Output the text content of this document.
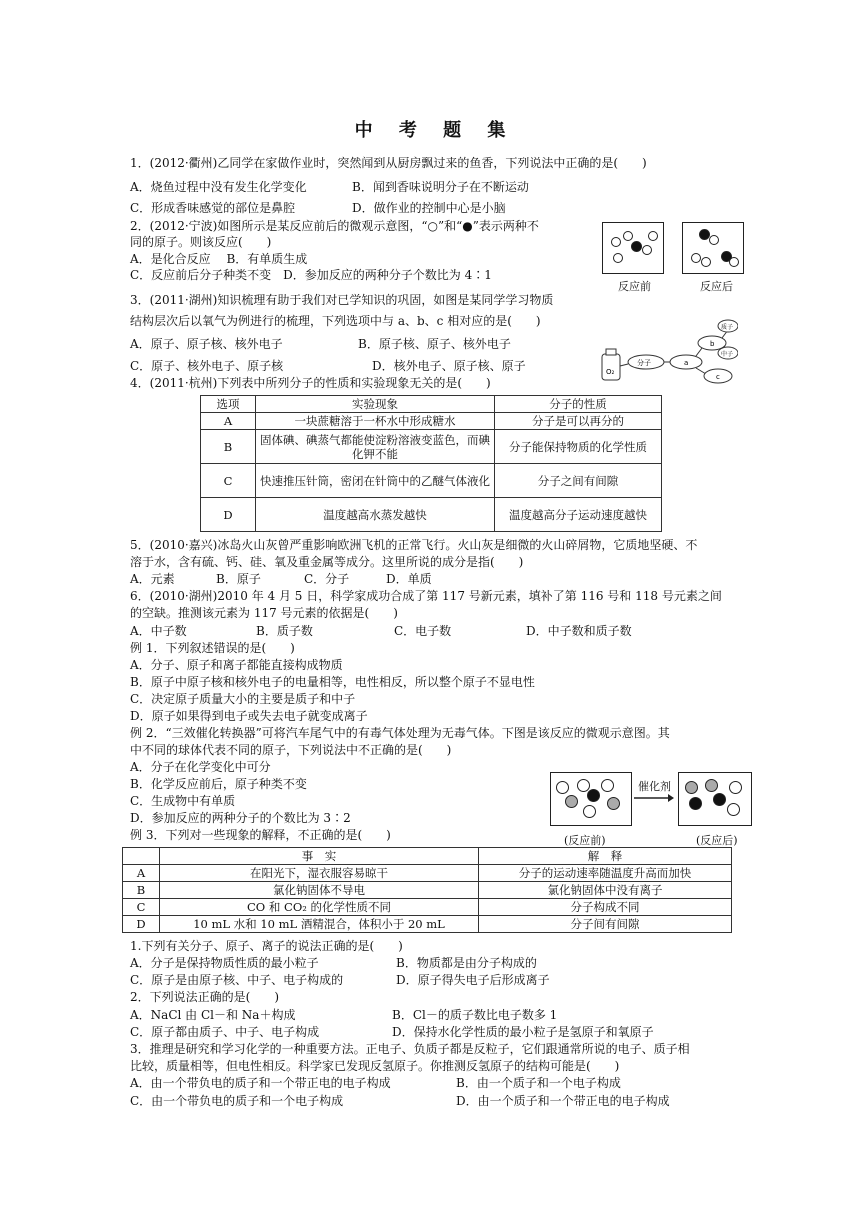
中 考 题 集
1．(2012·衢州)乙同学在家做作业时，突然闻到从厨房飘过来的鱼香，下列说法中正确的是(　　)
A．烧鱼过程中没有发生化学变化	B．闻到香味说明分子在不断运动
C．形成香味感觉的部位是鼻腔	D．做作业的控制中心是小脑
2．(2012·宁波)如图所示是某反应前后的微观示意图，“○”和“●”表示两种不
同的原子。则该反应(　　)
A．是化合反应　 B．有单质生成
C．反应前后分子种类不变　D．参加反应的两种分子个数比为 4∶1
反应前	反应后
3．(2011·湖州)知识梳理有助于我们对已学知识的巩固，如图是某同学学习物质
结构层次后以氧气为例进行的梳理，下列选项中与 a、b、c 相对应的是(　　)
A．原子、原子核、核外电子	B．原子核、原子、核外电子
C．原子、核外电子、原子核	D．核外电子、原子核、原子	O₂
分子	a
b
c
质子
中子
4．(2011·杭州)下列表中所列分子的性质和实验现象无关的是(　　)
选项	实验现象	分子的性质
A	一块蔗糖溶于一杯水中形成糖水	分子是可以再分的
B	固体碘、碘蒸气都能使淀粉溶液变蓝色，而碘化钾不能	分子能保持物质的化学性质
C	快速推压针筒，密闭在针筒中的乙醚气体液化	分子之间有间隙
D	温度越高水蒸发越快	温度越高分子运动速度越快
5．(2010·嘉兴)冰岛火山灰曾严重影响欧洲飞机的正常飞行。火山灰是细微的火山碎屑物，它质地坚硬、不
溶于水，含有硫、钙、硅、氧及重金属等成分。这里所说的成分是指(　　)
A．元素	B．原子	C．分子	D．单质
6．(2010·湖州)2010 年 4 月 5 日，科学家成功合成了第 117 号新元素，填补了第 116 号和 118 号元素之间
的空缺。推测该元素为 117 号元素的依据是(　　)
A．中子数	B．质子数	C．电子数	D．中子数和质子数
例 1．下列叙述错误的是(　　)
A．分子、原子和离子都能直接构成物质
B．原子中原子核和核外电子的电量相等，电性相反，所以整个原子不显电性
C．决定原子质量大小的主要是质子和中子
D．原子如果得到电子或失去电子就变成离子
例 2．“三效催化转换器”可将汽车尾气中的有毒气体处理为无毒气体。下图是该反应的微观示意图。其
中不同的球体代表不同的原子，下列说法中不正确的是(　　)
A．分子在化学变化中可分
B．化学反应前后，原子种类不变
C．生成物中有单质
D．参加反应的两种分子的个数比为 3∶2
催化剂
(反应前)	(反应后)
例 3．下列对一些现象的解释，不正确的是(　　)
	事　实	解　释
A	在阳光下，湿衣服容易晾干	分子的运动速率随温度升高而加快
B	氯化钠固体不导电	氯化钠固体中没有离子
C	CO 和 CO₂ 的化学性质不同	分子构成不同
D	10 mL 水和 10 mL 酒精混合，体积小于 20 mL	分子间有间隙
1.下列有关分子、原子、离子的说法正确的是(　　)
A．分子是保持物质性质的最小粒子	B．物质都是由分子构成的
C．原子是由原子核、中子、电子构成的	D．原子得失电子后形成离子
2．下列说法正确的是(　　)
A．NaCl 由 Cl－和 Na＋构成	B．Cl－的质子数比电子数多 1
C．原子都由质子、中子、电子构成	D．保持水化学性质的最小粒子是氢原子和氧原子
3．推理是研究和学习化学的一种重要方法。正电子、负质子都是反粒子，它们跟通常所说的电子、质子相
比较，质量相等，但电性相反。科学家已发现反氢原子。你推测反氢原子的结构可能是(　　)
A．由一个带负电的质子和一个带正电的电子构成	B．由一个质子和一个电子构成
C．由一个带负电的质子和一个电子构成	D．由一个质子和一个带正电的电子构成
